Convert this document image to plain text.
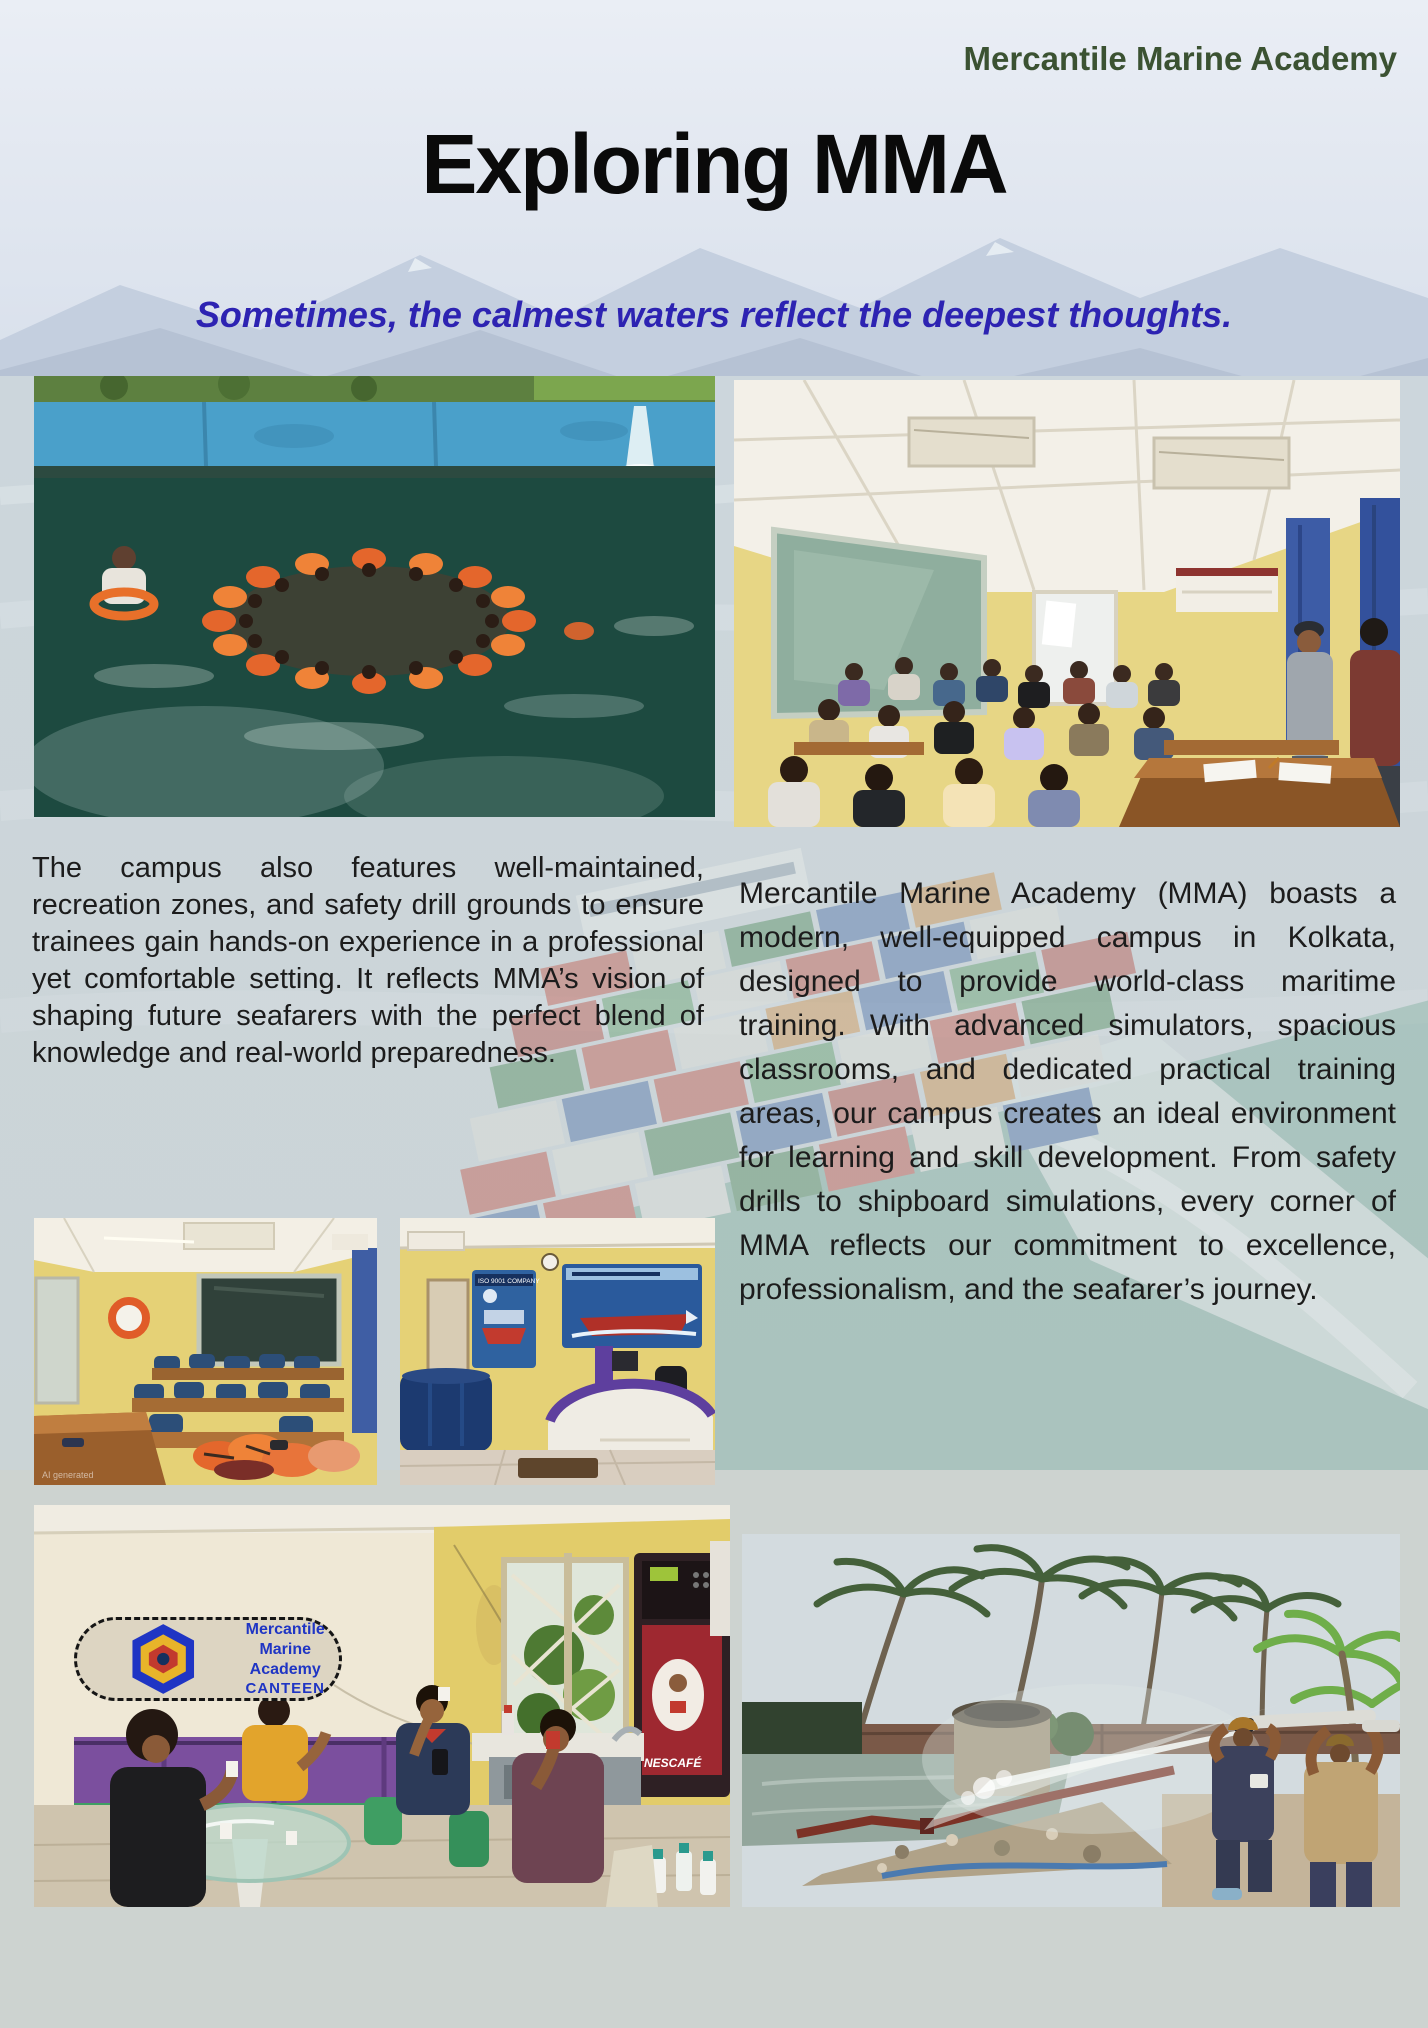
Mercantile Marine Academy
Exploring MMA
Sometimes, the calmest waters reflect the deepest thoughts.
The campus also features well-maintained, recreation zones, and safety drill grounds to ensure trainees gain hands-on experience in a professional yet comfortable setting. It reflects MMA’s vision of shaping future seafarers with the perfect blend of knowledge and real-world preparedness.
Mercantile Marine Academy (MMA) boasts a modern, well-equipped campus in Kolkata, designed to provide world-class maritime training. With advanced simulators, spacious classrooms, and dedicated practical training areas, our campus creates an ideal environment for learning and skill development. From safety drills to shipboard simulations, every corner of MMA reflects our commitment to excellence, professionalism, and the seafarer’s journey.
AI generated
ISO 9001 COMPANY
NESCAFÉ
Mercantile Marine Academy
CANTEEN
